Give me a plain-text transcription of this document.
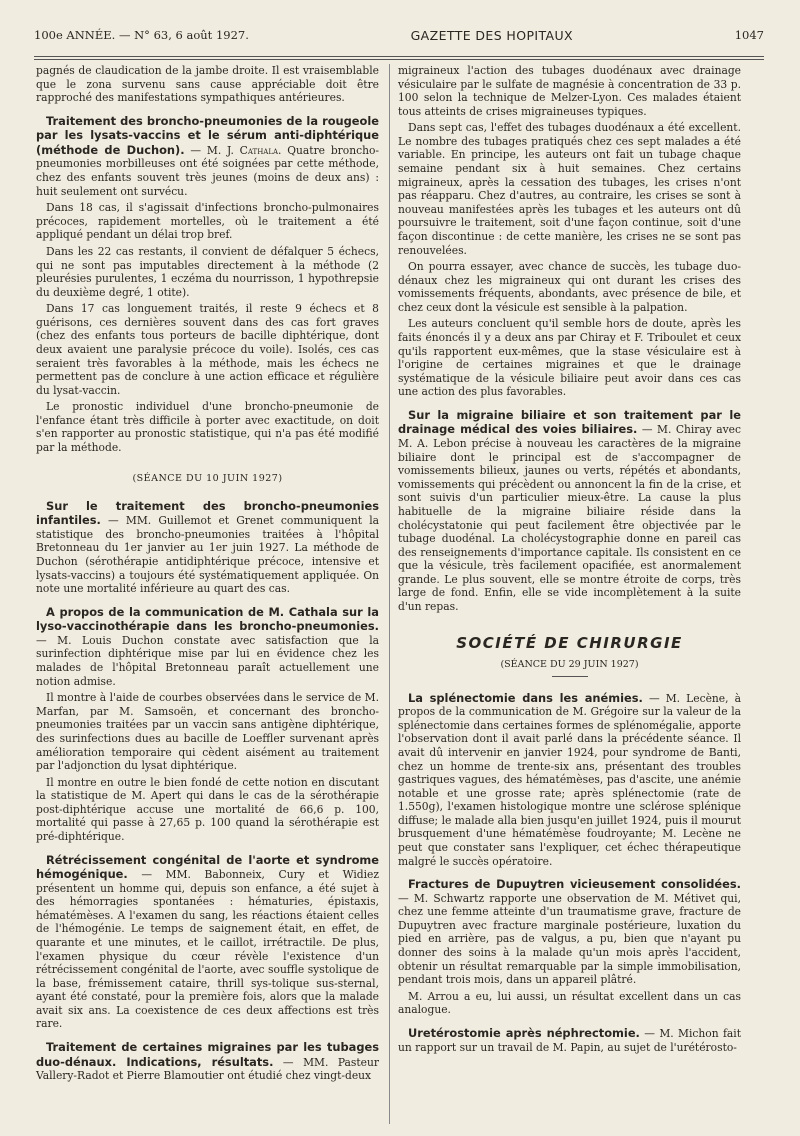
100e ANNÉE. — N° 63, 6 août 1927.	GAZETTE DES HOPITAUX	1047

pagnés de claudication de la jambe droite. Il est vraisemblable que le zona survenu sans cause appréciable doit être rapproché des manifestations sympathiques antérieures.

Traitement des broncho-pneumonies de la rougeole par les lysats-vaccins et le sérum anti-diphtérique (méthode de Duchon). — M. J. Cathala. Quatre broncho-pneumonies morbilleuses ont été soignées par cette méthode, chez des enfants souvent très jeunes (moins de deux ans) : huit seulement ont survécu.

Dans 18 cas, il s'agissait d'infections broncho-pulmonaires précoces, rapidement mortelles, où le traitement a été appliqué pendant un délai trop bref.

Dans les 22 cas restants, il convient de défalquer 5 échecs, qui ne sont pas imputables directement à la méthode (2 pleurésies purulentes, 1 eczéma du nourrisson, 1 hypothrepsie du deuxième degré, 1 otite).

Dans 17 cas longuement traités, il reste 9 échecs et 8 guérisons, ces dernières souvent dans des cas fort graves (chez des enfants tous porteurs de bacille diphtérique, dont deux avaient une paralysie précoce du voile). Isolés, ces cas seraient très favorables à la méthode, mais les échecs ne permettent pas de conclure à une action efficace et régulière du lysat-vaccin.

Le pronostic individuel d'une broncho-pneumonie de l'enfance étant très difficile à porter avec exactitude, on doit s'en rapporter au pronostic statistique, qui n'a pas été modifié par la méthode.

(SÉANCE DU 10 JUIN 1927)

Sur le traitement des broncho-pneumonies infantiles. — MM. Guillemot et Grenet communiquent la statistique des broncho-pneumonies traitées à l'hôpital Bretonneau du 1er janvier au 1er juin 1927. La méthode de Duchon (sérothérapie antidiphtérique précoce, intensive et lysats-vaccins) a toujours été systématiquement appliquée. On note une mortalité inférieure au quart des cas.

A propos de la communication de M. Cathala sur la lyso-vaccinothérapie dans les broncho-pneumonies. — M. Louis Duchon constate avec satisfaction que la surinfection diphtérique mise par lui en évidence chez les malades de l'hôpital Bretonneau paraît actuellement une notion admise.

Il montre à l'aide de courbes observées dans le service de M. Marfan, par M. Samsoën, et concernant des broncho-pneumonies traitées par un vaccin sans antigène diphtérique, des surinfections dues au bacille de Loeffler survenant après amélioration temporaire qui cèdent aisément au traitement par l'adjonction du lysat diphtérique.

Il montre en outre le bien fondé de cette notion en discutant la statistique de M. Apert qui dans le cas de la sérothérapie post-diphtérique accuse une mortalité de 66,6 p. 100, mortalité qui passe à 27,65 p. 100 quand la sérothérapie est pré-diphtérique.

Rétrécissement congénital de l'aorte et syndrome hémogénique. — MM. Babonneix, Cury et Widiez présentent un homme qui, depuis son enfance, a été sujet à des hémorragies spontanées : hématuries, épistaxis, hématémèses. A l'examen du sang, les réactions étaient celles de l'hémogénie. Le temps de saignement était, en effet, de quarante et une minutes, et le caillot, irrétractile. De plus, l'examen physique du cœur révèle l'existence d'un rétrécissement congénital de l'aorte, avec souffle systolique de la base, frémissement cataire, thrill sys-tolique sus-sternal, ayant été constaté, pour la première fois, alors que la malade avait six ans. La coexistence de ces deux affections est très rare.

Traitement de certaines migraines par les tubages duo-dénaux. Indications, résultats. — MM. Pasteur Vallery-Radot et Pierre Blamoutier ont étudié chez vingt-deux

migraineux l'action des tubages duodénaux avec drainage vésiculaire par le sulfate de magnésie à concentration de 33 p. 100 selon la technique de Melzer-Lyon. Ces malades étaient tous atteints de crises migraineuses typiques.

Dans sept cas, l'effet des tubages duodénaux a été excellent. Le nombre des tubages pratiqués chez ces sept malades a été variable. En principe, les auteurs ont fait un tubage chaque semaine pendant six à huit semaines. Chez certains migraineux, après la cessation des tubages, les crises n'ont pas réapparu. Chez d'autres, au contraire, les crises se sont à nouveau manifestées après les tubages et les auteurs ont dû poursuivre le traitement, soit d'une façon continue, soit d'une façon discontinue : de cette manière, les crises ne se sont pas renouvelées.

On pourra essayer, avec chance de succès, les tubage duo-dénaux chez les migraineux qui ont durant les crises des vomissements fréquents, abondants, avec présence de bile, et chez ceux dont la vésicule est sensible à la palpation.

Les auteurs concluent qu'il semble hors de doute, après les faits énoncés il y a deux ans par Chiray et F. Triboulet et ceux qu'ils rapportent eux-mêmes, que la stase vésiculaire est à l'origine de certaines migraines et que le drainage systématique de la vésicule biliaire peut avoir dans ces cas une action des plus favorables.

Sur la migraine biliaire et son traitement par le drainage médical des voies biliaires. — M. Chiray avec M. A. Lebon précise à nouveau les caractères de la migraine biliaire dont le principal est de s'accompagner de vomissements bilieux, jaunes ou verts, répétés et abondants, vomissements qui précèdent ou annoncent la fin de la crise, et sont suivis d'un particulier mieux-être. La cause la plus habituelle de la migraine biliaire réside dans la cholécystatonie qui peut facilement être objectivée par le tubage duodénal. La cholécystographie donne en pareil cas des renseignements d'importance capitale. Ils consistent en ce que la vésicule, très facilement opacifiée, est anormalement grande. Le plus souvent, elle se montre étroite de corps, très large de fond. Enfin, elle se vide incomplètement à la suite d'un repas.

SOCIÉTÉ DE CHIRURGIE
(SÉANCE DU 29 JUIN 1927)

La splénectomie dans les anémies. — M. Lecène, à propos de la communication de M. Grégoire sur la valeur de la splénectomie dans certaines formes de splénomégalie, apporte l'observation dont il avait parlé dans la précédente séance. Il avait dû intervenir en janvier 1924, pour syndrome de Banti, chez un homme de trente-six ans, présentant des troubles gastriques vagues, des hématémèses, pas d'ascite, une anémie notable et une grosse rate; après splénectomie (rate de 1.550g), l'examen histologique montre une sclérose splénique diffuse; le malade alla bien jusqu'en juillet 1924, puis il mourut brusquement d'une hématémèse foudroyante; M. Lecène ne peut que constater sans l'expliquer, cet échec thérapeutique malgré le succès opératoire.

Fractures de Dupuytren vicieusement consolidées. — M. Schwartz rapporte une observation de M. Métivet qui, chez une femme atteinte d'un traumatisme grave, fracture de Dupuytren avec fracture marginale postérieure, luxation du pied en arrière, pas de valgus, a pu, bien que n'ayant pu donner des soins à la malade qu'un mois après l'accident, obtenir un résultat remarquable par la simple immobilisation, pendant trois mois, dans un appareil plâtré.

M. Arrou a eu, lui aussi, un résultat excellent dans un cas analogue.

Uretérostomie après néphrectomie. — M. Michon fait un rapport sur un travail de M. Papin, au sujet de l'urétérosto-
